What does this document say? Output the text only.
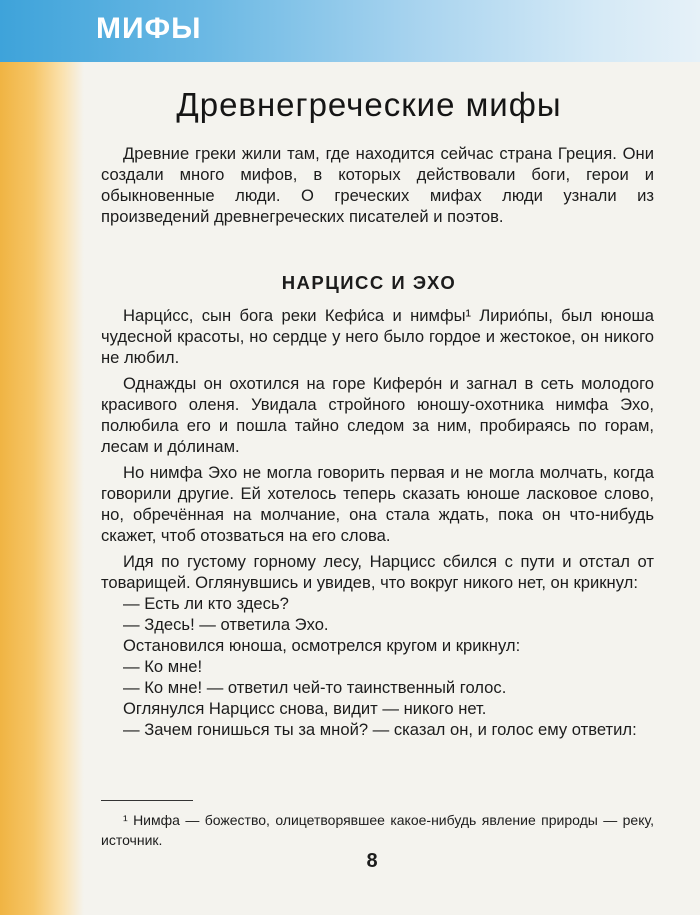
МИФЫ
Древнегреческие мифы

Древние греки жили там, где находится сейчас страна Греция. Они создали много мифов, в которых действовали боги, герои и обыкновенные люди. О греческих мифах люди узнали из произведений древнегреческих писателей и поэтов.

НАРЦИСС И ЭХО

Нарци́сс, сын бога реки Кефи́са и нимфы¹ Лирио́пы, был юноша чудесной красоты, но сердце у него было гордое и жестокое, он никого не любил.

Однажды он охотился на горе Киферо́н и загнал в сеть молодого красивого оленя. Увидала стройного юношу-охотника нимфа Эхо, полюбила его и пошла тайно следом за ним, пробираясь по горам, лесам и до́линам.

Но нимфа Эхо не могла говорить первая и не могла молчать, когда говорили другие. Ей хотелось теперь сказать юноше ласковое слово, но, обречённая на молчание, она стала ждать, пока он что-нибудь скажет, чтоб отозваться на его слова.

Идя по густому горному лесу, Нарцисс сбился с пути и отстал от товарищей. Оглянувшись и увидев, что вокруг никого нет, он крикнул:

— Есть ли кто здесь?

— Здесь! — ответила Эхо.

Остановился юноша, осмотрелся кругом и крикнул:

— Ко мне!

— Ко мне! — ответил чей-то таинственный голос.

Оглянулся Нарцисс снова, видит — никого нет.

— Зачем гонишься ты за мной? — сказал он, и голос ему ответил:

¹ Нимфа — божество, олицетворявшее какое-нибудь явление природы — реку, источник.

8
